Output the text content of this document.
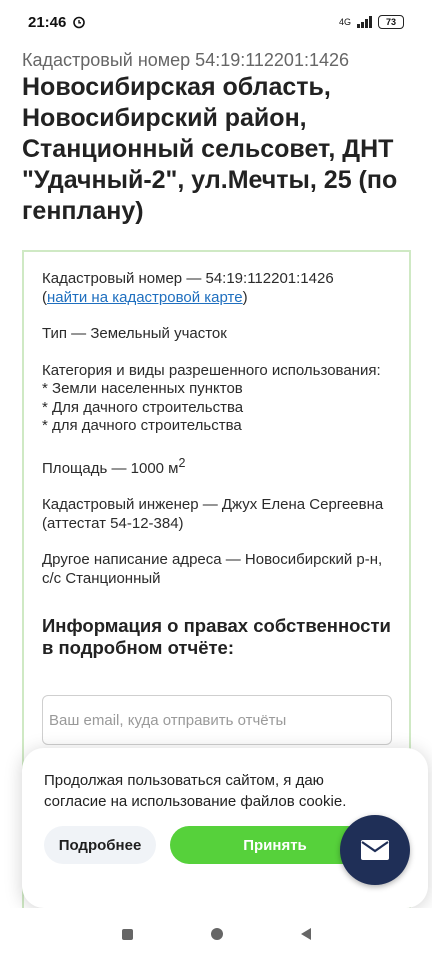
21:46	4G	73
Кадастровый номер 54:19:112201:1426
Новосибирская область, Новосибирский район, Станционный сельсовет, ДНТ "Удачный-2", ул.Мечты, 25 (по генплану)

Кадастровый номер — 54:19:112201:1426
(найти на кадастровой карте)

Тип — Земельный участок

Категория и виды разрешенного использования:
* Земли населенных пунктов
* Для дачного строительства
* для дачного строительства

Площадь — 1000 $м^2$

Кадастровый инженер — Джух Елена Сергеевна (аттестат 54-12-384)

Другое написание адреса — Новосибирский р-н, с/с Станционный

Информация о правах собственности в подробном отчёте:
Ваш email, куда отправить отчёты
Продолжая пользоваться сайтом, я даю согласие на использование файлов cookie.
Подробнее	Принять
